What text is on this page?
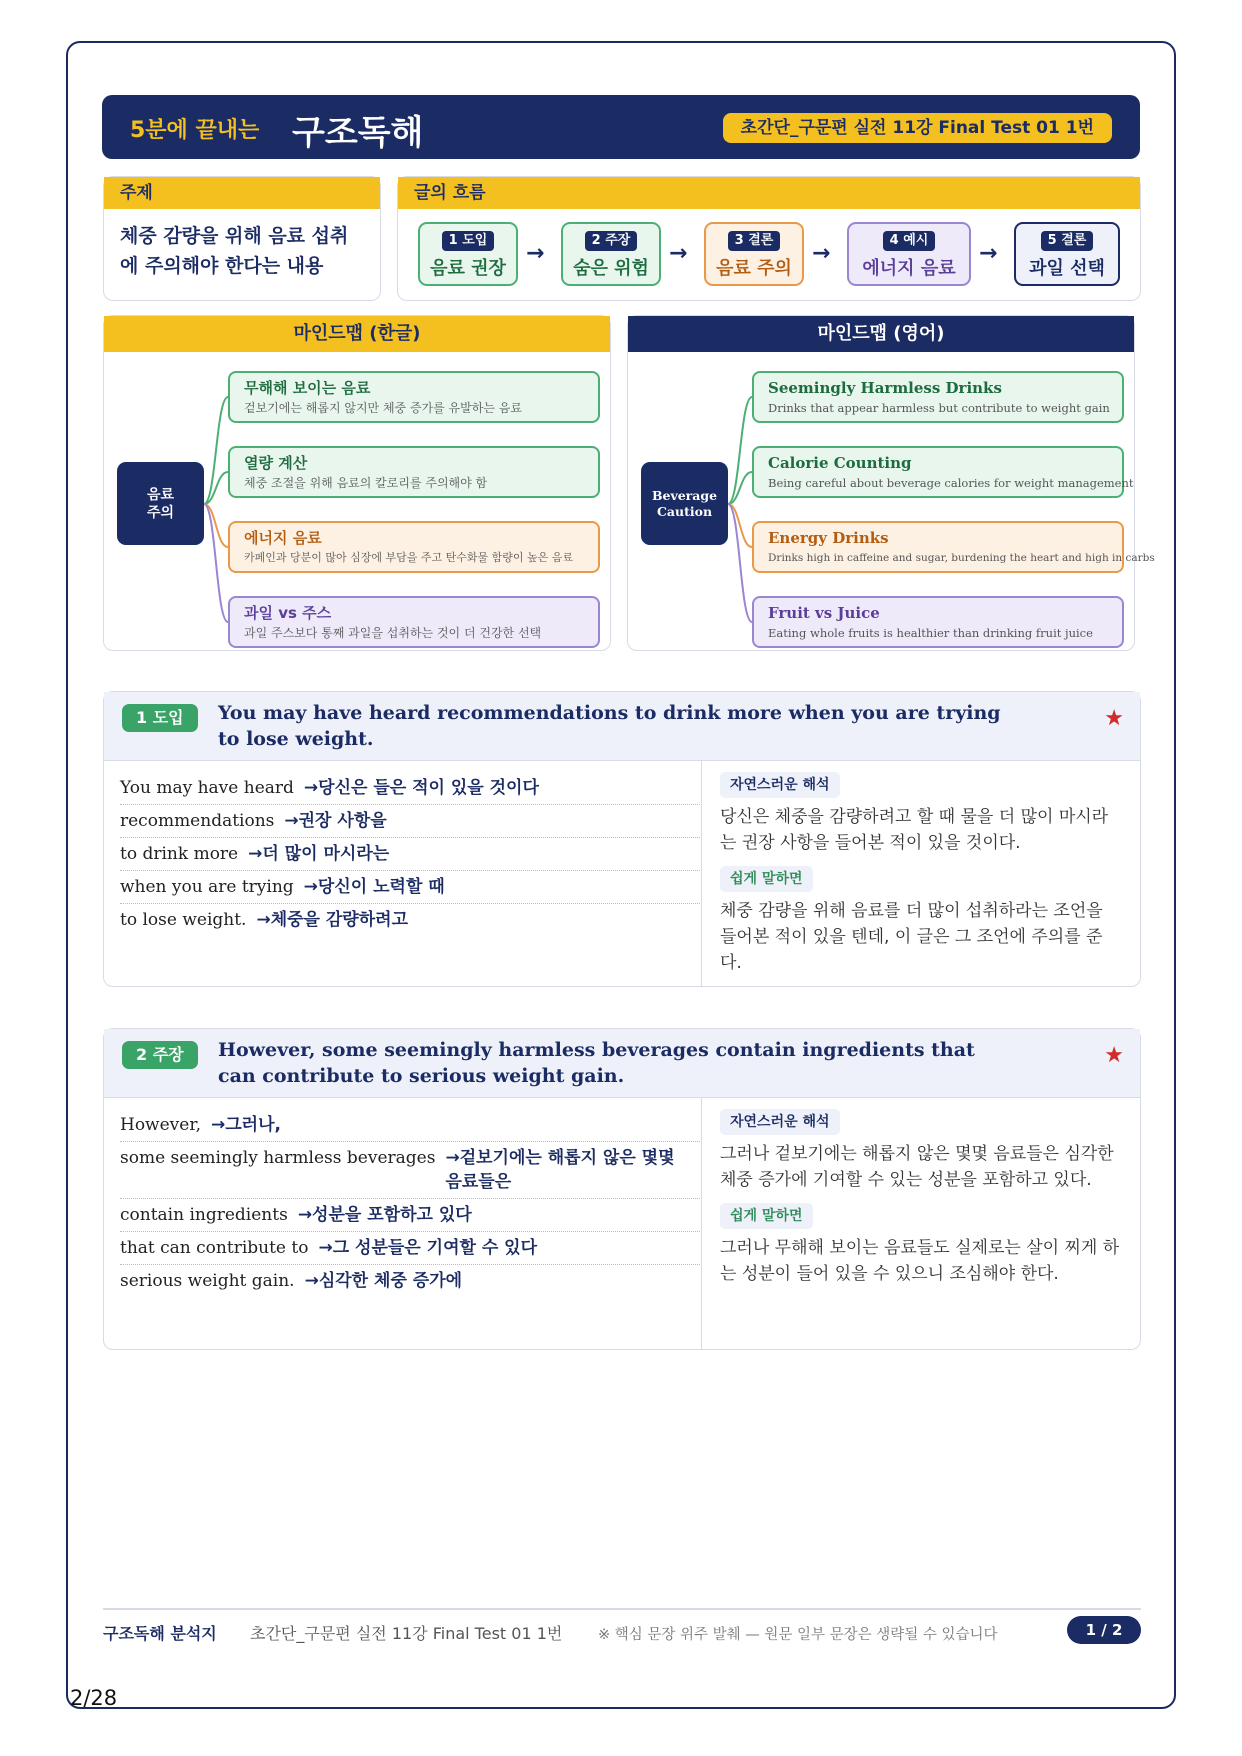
5분에 끝내는 구조독해	초간단_구문편 실전 11강 Final Test 01 1번
주제
체중 감량을 위해 음료 섭취에 주의해야 한다는 내용
글의 흐름
1 도입
음료 권장
→
2 주장
숨은 위험
→
3 결론
음료 주의
→
4 예시
에너지 음료
→
5 결론
과일 선택
마인드맵 (한글)
음료
주의
무해해 보이는 음료
겉보기에는 해롭지 않지만 체중 증가를 유발하는 음료
열량 계산
체중 조절을 위해 음료의 칼로리를 주의해야 함
에너지 음료
카페인과 당분이 많아 심장에 부담을 주고 탄수화물 함량이 높은 음료
과일 vs 주스
과일 주스보다 통째 과일을 섭취하는 것이 더 건강한 선택
마인드맵 (영어)
Beverage
Caution
Seemingly Harmless Drinks
Drinks that appear harmless but contribute to weight gain
Calorie Counting
Being careful about beverage calories for weight management
Energy Drinks
Drinks high in caffeine and sugar, burdening the heart and high in carbs
Fruit vs Juice
Eating whole fruits is healthier than drinking fruit juice
1 도입	You may have heard recommendations to drink more when you are trying to lose weight.
★
You may have heard →당신은 들은 적이 있을 것이다
recommendations →권장 사항을
to drink more →더 많이 마시라는
when you are trying →당신이 노력할 때
to lose weight. →체중을 감량하려고
자연스러운 해석
당신은 체중을 감량하려고 할 때 물을 더 많이 마시라는 권장 사항을 들어본 적이 있을 것이다.
쉽게 말하면
체중 감량을 위해 음료를 더 많이 섭취하라는 조언을 들어본 적이 있을 텐데, 이 글은 그 조언에 주의를 준다.
2 주장	However, some seemingly harmless beverages contain ingredients that can contribute to serious weight gain.
★
However, →그러나,
some seemingly harmless beverages →겉보기에는 해롭지 않은 몇몇 음료들은
contain ingredients →성분을 포함하고 있다
that can contribute to →그 성분들은 기여할 수 있다
serious weight gain. →심각한 체중 증가에
자연스러운 해석
그러나 겉보기에는 해롭지 않은 몇몇 음료들은 심각한 체중 증가에 기여할 수 있는 성분을 포함하고 있다.
쉽게 말하면
그러나 무해해 보이는 음료들도 실제로는 살이 찌게 하는 성분이 들어 있을 수 있으니 조심해야 한다.
구조독해 분석지 초간단_구문편 실전 11강 Final Test 01 1번 ※ 핵심 문장 위주 발췌 — 원문 일부 문장은 생략될 수 있습니다	1 / 2
2/28
